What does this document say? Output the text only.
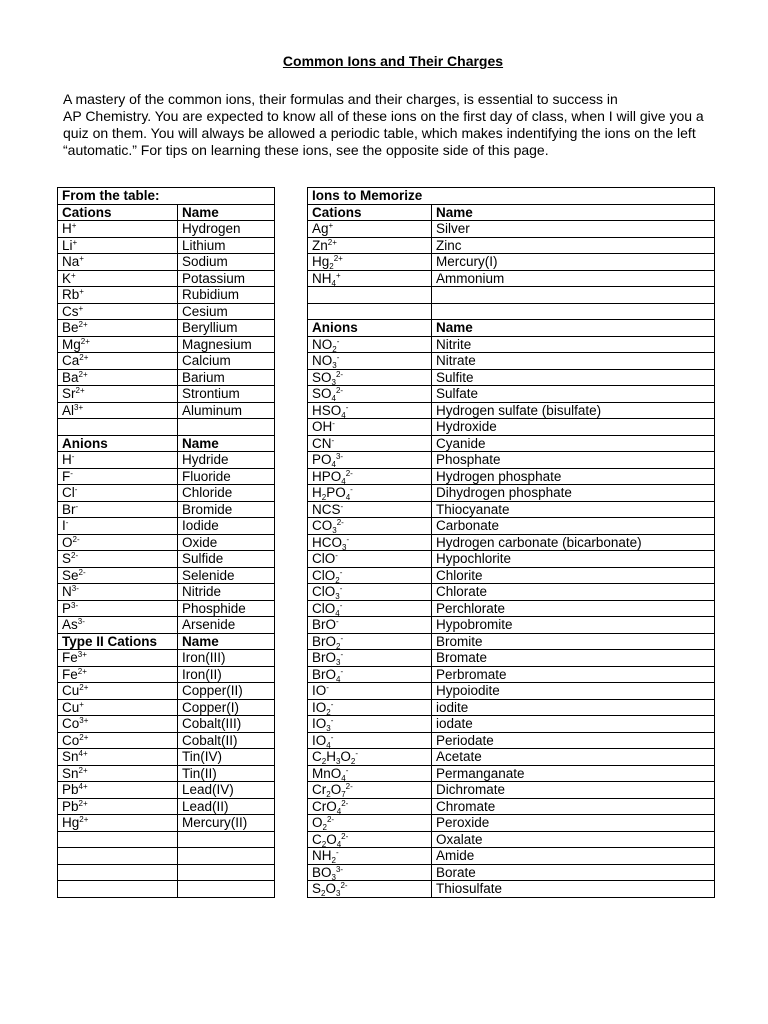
Common Ions and Their Charges
A mastery of the common ions, their formulas and their charges, is essential to success in
AP Chemistry. You are expected to know all of these ions on the first day of class, when I will give you a
quiz on them. You will always be allowed a periodic table, which makes indentifying the ions on the left
“automatic.” For tips on learning these ions, see the opposite side of this page.
From the table:	
Cations	Name
H+	Hydrogen
Li+	Lithium
Na+	Sodium
K+	Potassium
Rb+	Rubidium
Cs+	Cesium
$Be^{2+}$	Beryllium
$Mg^{2+}$	Magnesium
$Ca^{2+}$	Calcium
$Ba^{2+}$	Barium
$Sr^{2+}$	Strontium
$Al^{3+}$	Aluminum

Anions	Name
H-	Hydride
F-	Fluoride
Cl-	Chloride
Br-	Bromide
I-	Iodide
$O^{2-}$	Oxide
$S^{2-}$	Sulfide
$Se^{2-}$	Selenide
$N^{3-}$	Nitride
$P^{3-}$	Phosphide
$As^{3-}$	Arsenide
Type II Cations	Name
$Fe^{3+}$	Iron(III)
$Fe^{2+}$	Iron(II)
$Cu^{2+}$	Copper(II)
Cu+	Copper(I)
$Co^{3+}$	Cobalt(III)
$Co^{2+}$	Cobalt(II)
$Sn^{4+}$	Tin(IV)
$Sn^{2+}$	Tin(II)
$Pb^{4+}$	Lead(IV)
$Pb^{2+}$	Lead(II)
$Hg^{2+}$	Mercury(II)

Ions to Memorize	
Cations	Name
Ag+	Silver
$Zn^{2+}$	Zinc
$Hg_2^{2+}$	Mercury(I)
$NH_4^+$	Ammonium

Anions	Name
$NO_2^-$	Nitrite
$NO_3^-$	Nitrate
$SO_3^{2-}$	Sulfite
$SO_4^{2-}$	Sulfate
$HSO_4^-$	Hydrogen sulfate (bisulfate)
OH-	Hydroxide
CN-	Cyanide
$PO_4^{3-}$	Phosphate
$HPO_4^{2-}$	Hydrogen phosphate
$H_2PO_4^-$	Dihydrogen phosphate
NCS-	Thiocyanate
$CO_3^{2-}$	Carbonate
$HCO_3^-$	Hydrogen carbonate (bicarbonate)
ClO-	Hypochlorite
ClO$_2$-	Chlorite
ClO$_3$-	Chlorate
ClO$_4$-	Perchlorate
BrO-	Hypobromite
BrO$_2$-	Bromite
BrO$_3$-	Bromate
BrO$_4$-	Perbromate
IO-	Hypoiodite
$IO_2^-$	iodite
$IO_3^-$	iodate
$IO_4^-$	Periodate
$C_2H_3O_2^-$	Acetate
MnO$_4$-	Permanganate
$Cr_2O_7^{2-}$	Dichromate
CrO$_4^{2-}$	Chromate
$O_2^{2-}$	Peroxide
$C_2O_4^{2-}$	Oxalate
$NH_2^-$	Amide
$BO_3^{3-}$	Borate
$S_2O_3^{2-}$	Thiosulfate
